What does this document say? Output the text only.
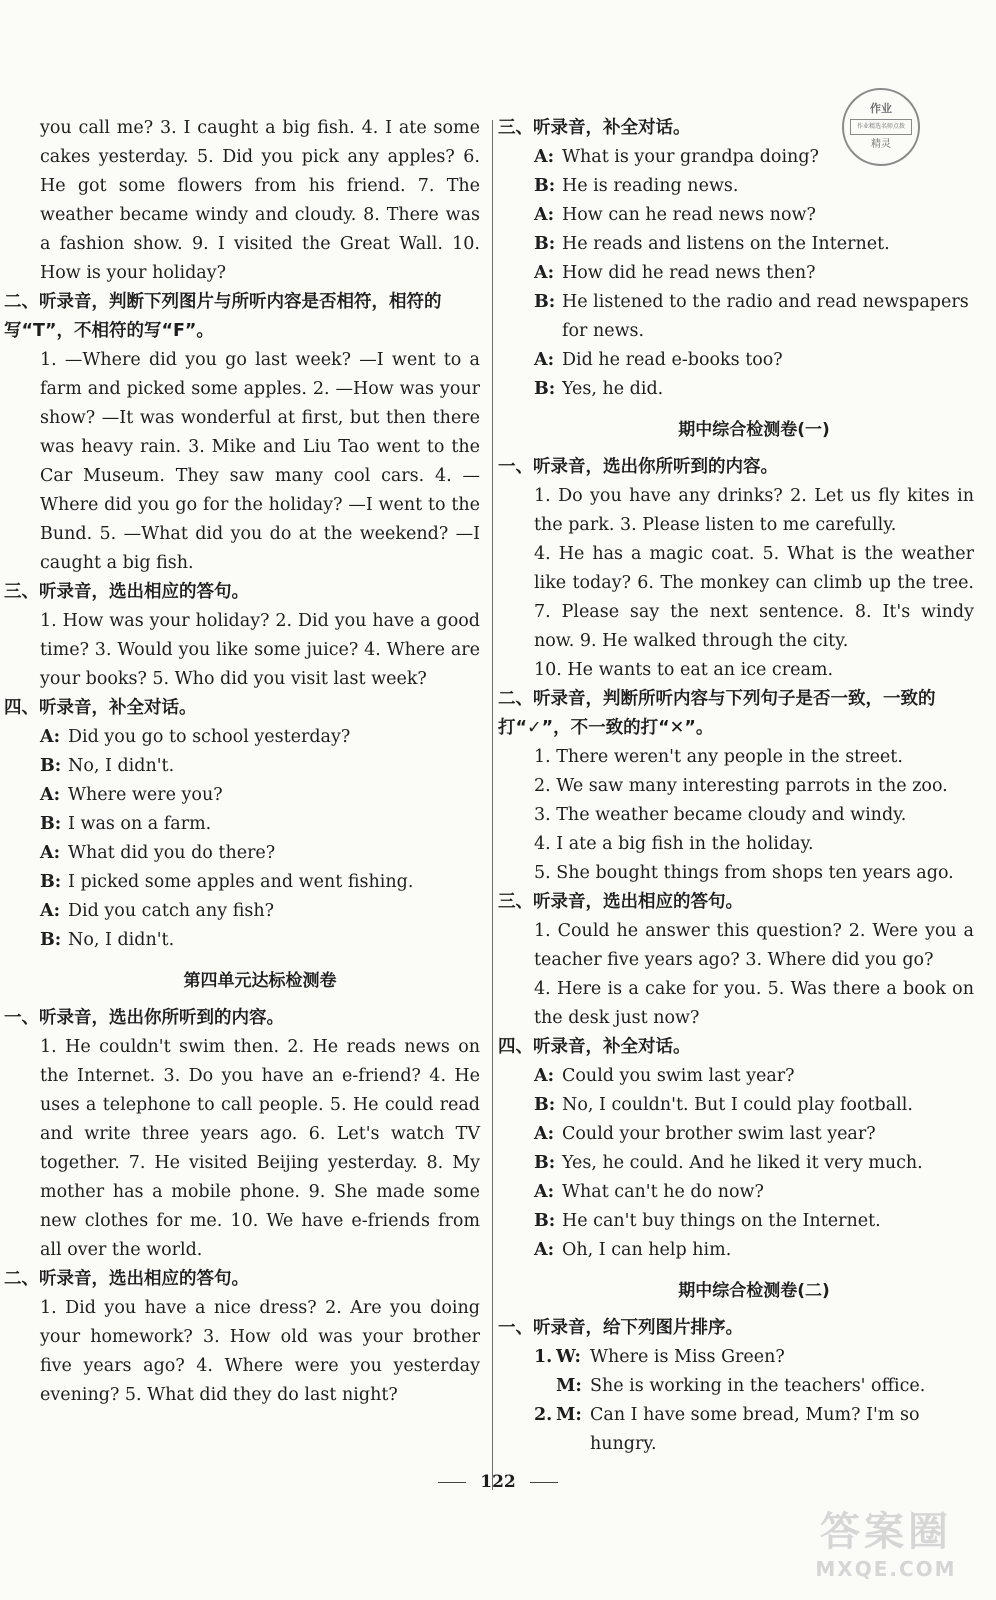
作业
作业精选名师点拨
精灵

you call me? 3. I caught a big fish. 4. I ate some cakes yesterday. 5. Did you pick any apples? 6. He got some flowers from his friend. 7. The weather became windy and cloudy. 8. There was a fashion show. 9. I visited the Great Wall. 10. How is your holiday?

二、听录音，判断下列图片与所听内容是否相符，相符的写“T”，不相符的写“F”。

1. —Where did you go last week? —I went to a farm and picked some apples. 2. —How was your show? —It was wonderful at first, but then there was heavy rain. 3. Mike and Liu Tao went to the Car Museum. They saw many cool cars. 4. —Where did you go for the holiday? —I went to the Bund. 5. —What did you do at the weekend? —I caught a big fish.

三、听录音，选出相应的答句。

1. How was your holiday? 2. Did you have a good time? 3. Would you like some juice? 4. Where are your books? 5. Who did you visit last week?

四、听录音，补全对话。
A: Did you go to school yesterday?
B: No, I didn't.
A: Where were you?
B: I was on a farm.
A: What did you do there?
B: I picked some apples and went fishing.
A: Did you catch any fish?
B: No, I didn't.
第四单元达标检测卷
一、听录音，选出你所听到的内容。

1. He couldn't swim then. 2. He reads news on the Internet. 3. Do you have an e-friend? 4. He uses a telephone to call people. 5. He could read and write three years ago. 6. Let's watch TV together. 7. He visited Beijing yesterday. 8. My mother has a mobile phone. 9. She made some new clothes for me. 10. We have e-friends from all over the world.

二、听录音，选出相应的答句。

1. Did you have a nice dress? 2. Are you doing your homework? 3. How old was your brother five years ago? 4. Where were you yesterday evening? 5. What did they do last night?

三、听录音，补全对话。
A: What is your grandpa doing?
B: He is reading news.
A: How can he read news now?
B: He reads and listens on the Internet.
A: How did he read news then?
B: He listened to the radio and read newspapers for news.
A: Did he read e-books too?
B: Yes, he did.
期中综合检测卷(一)
一、听录音，选出你所听到的内容。

1. Do you have any drinks? 2. Let us fly kites in the park. 3. Please listen to me carefully.

4. He has a magic coat. 5. What is the weather like today? 6. The monkey can climb up the tree. 7. Please say the next sentence. 8. It's windy now. 9. He walked through the city.

10. He wants to eat an ice cream.

二、听录音，判断所听内容与下列句子是否一致，一致的打“✓”，不一致的打“✕”。

1. There weren't any people in the street.

2. We saw many interesting parrots in the zoo.

3. The weather became cloudy and windy.

4. I ate a big fish in the holiday.

5. She bought things from shops ten years ago.

三、听录音，选出相应的答句。

1. Could he answer this question? 2. Were you a teacher five years ago? 3. Where did you go?

4. Here is a cake for you. 5. Was there a book on the desk just now?

四、听录音，补全对话。
A: Could you swim last year?
B: No, I couldn't. But I could play football.
A: Could your brother swim last year?
B: Yes, he could. And he liked it very much.
A: What can't he do now?
B: He can't buy things on the Internet.
A: Oh, I can help him.
期中综合检测卷(二)
一、听录音，给下列图片排序。
1. W: Where is Miss Green?
M: She is working in the teachers' office.
2. M: Can I have some bread, Mum? I'm so hungry.
122
答案圈
MXQE.COM
